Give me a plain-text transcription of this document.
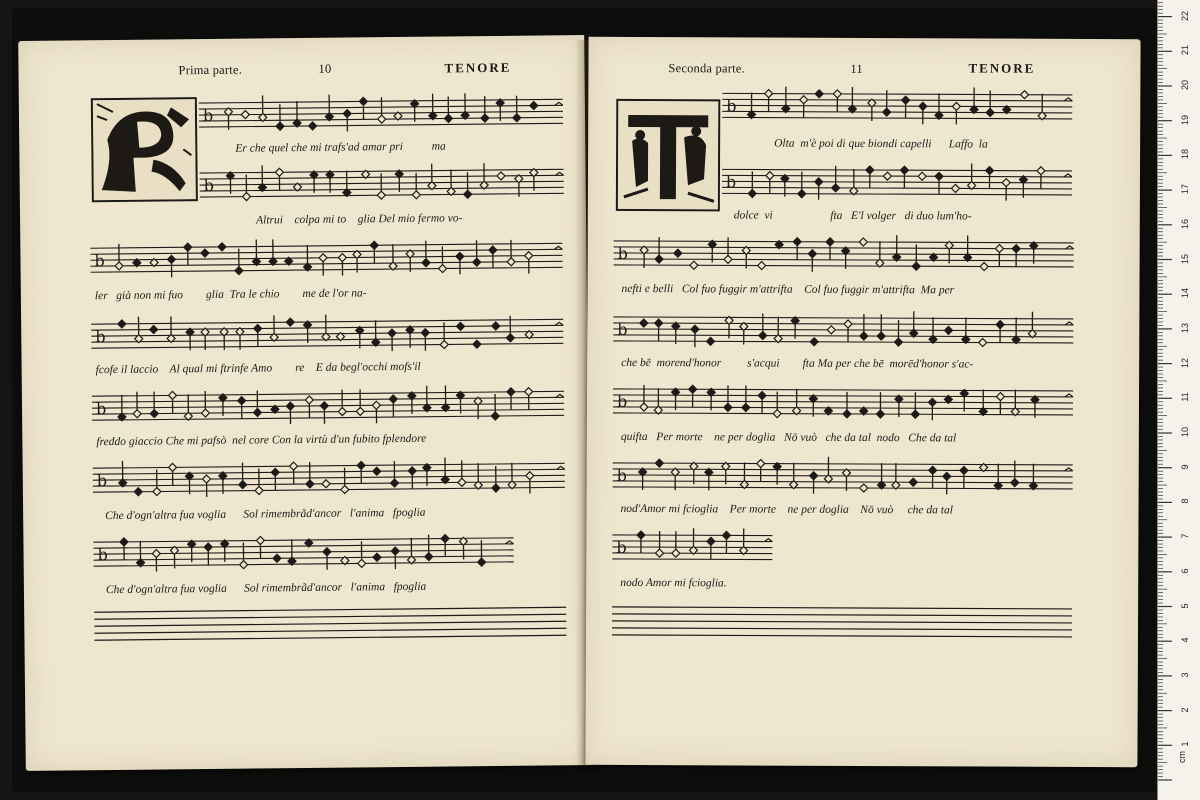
Prima parte.	10	TENORE
b
Er che quel che mi trafs'ad amar pri          ma
b
Altrui    colpa mi to    glia Del mio fermo vo-
b
ler   già non mi fuo        glia  Tra le chio        me de l'or na-
b
fcofe il laccio    Al qual mi ftrinfe Amo        re    E da begl'occhi mofs'il
b
freddo giaccio Che mi pafsò  nel core Con la virtù d'un fubito fplendore
b
Che d'ogn'altra fua voglia      Sol rimembrãd'ancor   l'anima   fpoglia
b
Che d'ogn'altra fua voglia      Sol rimembrãd'ancor   l'anima   fpoglia
Seconda parte.	11	TENORE
b
Olta  m'è poi di que biondi capelli      Laffo  la
b
dolce  vi                    fta   E'l volger   di duo lum'ho-
b
nefti e belli   Col fuo fuggir m'attrifta    Col fuo fuggir m'attrifta  Ma per
b
che bē  morend'honor         s'acqui        fta Ma per che bē  morēd'honor s'ac-
b
quifta   Per morte    ne per doglia   Nō vuò   che da tal  nodo   Che da tal
b
nod'Amor mi fciogliа    Per morte    ne per doglia    Nō vuò     che da tal
b
nodo Amor mi fcioglia.
1
2
3
4
5
6
7
8
9
10
11
12
13
14
15
16
17
18
19
20
21
22
cm
